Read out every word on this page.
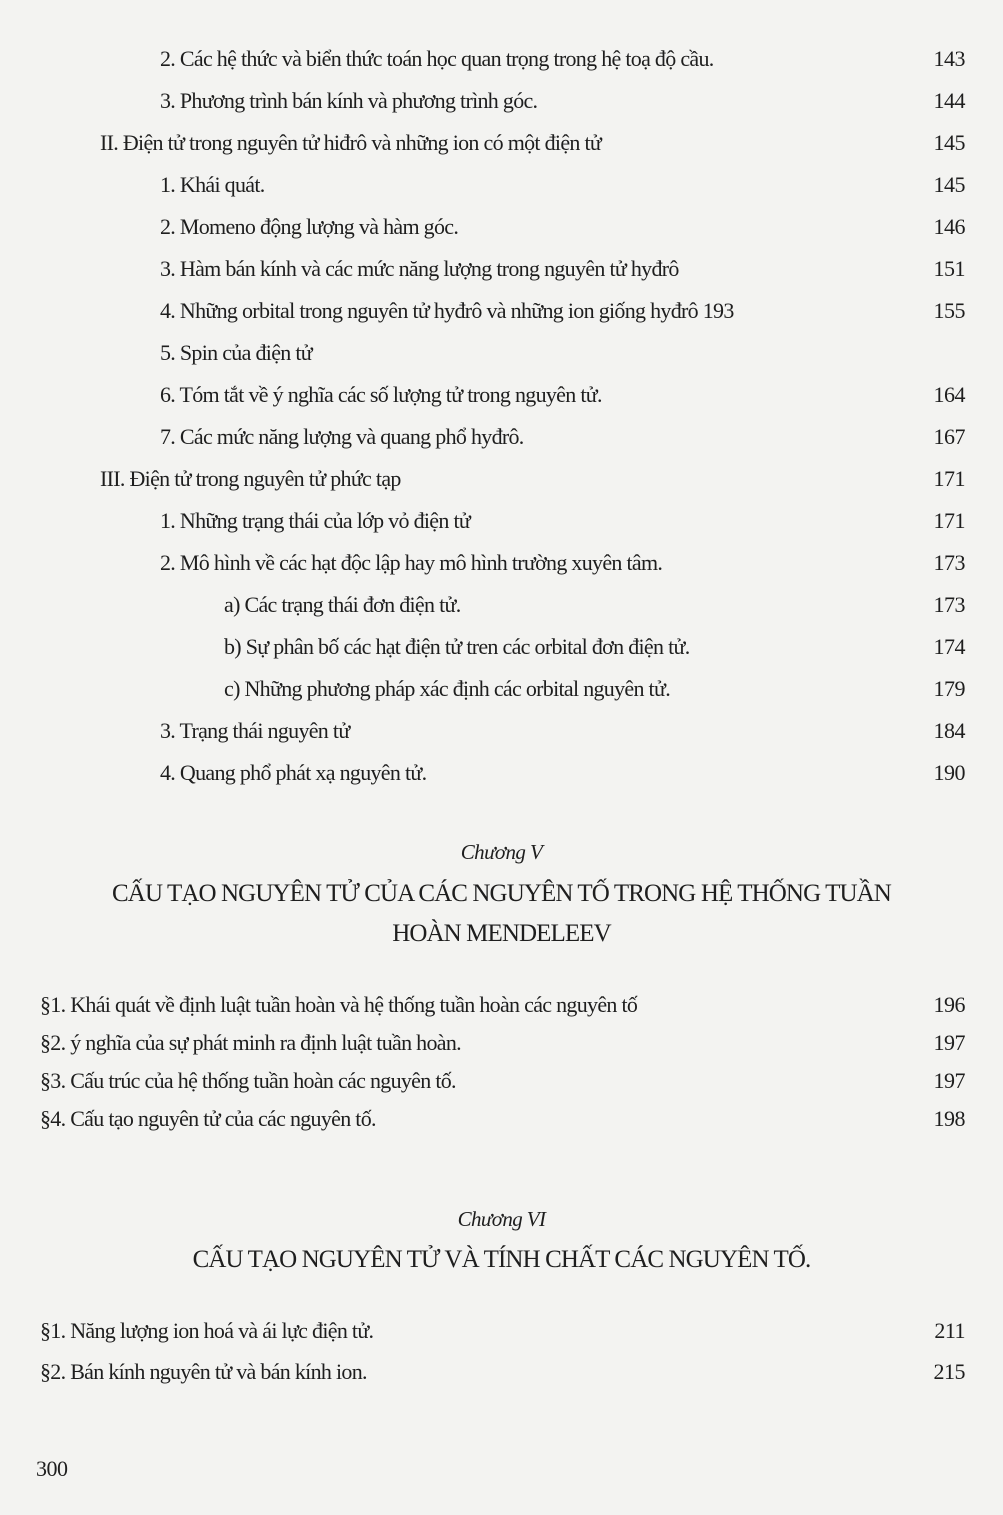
2. Các hệ thức và biển thức toán học quan trọng trong hệ toạ độ cầu.	143
3. Phương trình bán kính và phương trình góc.	144
II. Điện tử trong nguyên tử hiđrô và những ion có một điện tử	145
1. Khái quát.	145
2. Momeno động lượng và hàm góc.	146
3. Hàm bán kính và các mức năng lượng trong nguyên tử hyđrô	151
4. Những orbital trong nguyên tử hyđrô và những ion giống hyđrô 193	155
5. Spin của điện tử
6. Tóm tắt về ý nghĩa các số lượng tử trong nguyên tử.	164
7. Các mức năng lượng và quang phổ hyđrô.	167
III. Điện tử trong nguyên tử phức tạp	171
1. Những trạng thái của lớp vỏ điện tử	171
2. Mô hình về các hạt độc lập hay mô hình trường xuyên tâm.	173
a) Các trạng thái đơn điện tử.	173
b) Sự phân bố các hạt điện tử tren các orbital đơn điện tử.	174
c) Những phương pháp xác định các orbital nguyên tử.	179
3. Trạng thái nguyên tử	184
4. Quang phổ phát xạ nguyên tử.	190
Chương V
CẤU TẠO NGUYÊN TỬ CỦA CÁC NGUYÊN TỐ TRONG HỆ THỐNG TUẦN
HOÀN MENDELEEV
§1. Khái quát về định luật tuần hoàn và hệ thống tuần hoàn các nguyên tố	196
§2. ý nghĩa của sự phát minh ra định luật tuần hoàn.	197
§3. Cấu trúc của hệ thống tuần hoàn các nguyên tố.	197
§4. Cấu tạo nguyên tử của các nguyên tố.	198
Chương VI
CẤU TẠO NGUYÊN TỬ VÀ TÍNH CHẤT CÁC NGUYÊN TỐ.
§1. Năng lượng ion hoá và ái lực điện tử.	211
§2. Bán kính nguyên tử và bán kính ion.	215
300
